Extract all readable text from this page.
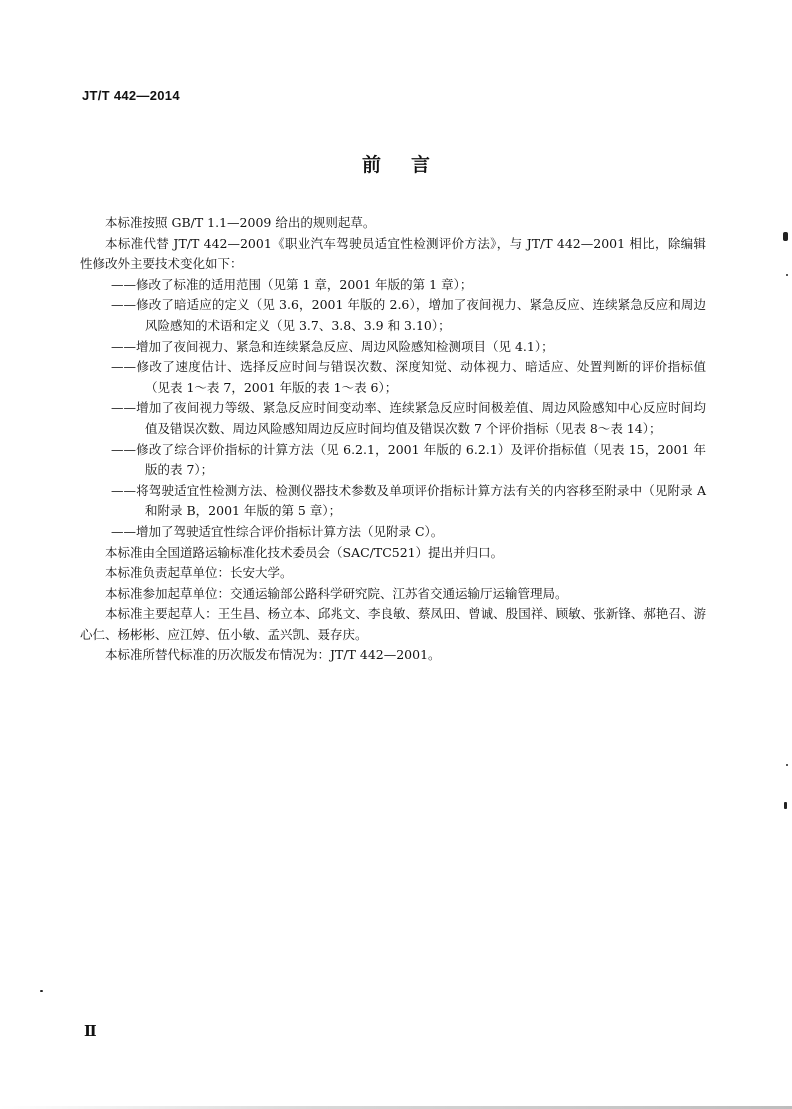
JT/T 442—2014
前言

本标准按照 GB/T 1.1—2009 给出的规则起草。

本标准代替 JT/T 442—2001《职业汽车驾驶员适宜性检测评价方法》，与 JT/T 442—2001 相比，除编辑性修改外主要技术变化如下：

——修改了标准的适用范围（见第 1 章，2001 年版的第 1 章）；

——修改了暗适应的定义（见 3.6，2001 年版的 2.6），增加了夜间视力、紧急反应、连续紧急反应和周边风险感知的术语和定义（见 3.7、3.8、3.9 和 3.10）；

——增加了夜间视力、紧急和连续紧急反应、周边风险感知检测项目（见 4.1）；

——修改了速度估计、选择反应时间与错误次数、深度知觉、动体视力、暗适应、处置判断的评价指标值（见表 1～表 7，2001 年版的表 1～表 6）；

——增加了夜间视力等级、紧急反应时间变动率、连续紧急反应时间极差值、周边风险感知中心反应时间均值及错误次数、周边风险感知周边反应时间均值及错误次数 7 个评价指标（见表 8～表 14）；

——修改了综合评价指标的计算方法（见 6.2.1，2001 年版的 6.2.1）及评价指标值（见表 15，2001 年版的表 7）；

——将驾驶适宜性检测方法、检测仪器技术参数及单项评价指标计算方法有关的内容移至附录中（见附录 A 和附录 B，2001 年版的第 5 章）；

——增加了驾驶适宜性综合评价指标计算方法（见附录 C）。

本标准由全国道路运输标准化技术委员会（SAC/TC521）提出并归口。

本标准负责起草单位：长安大学。

本标准参加起草单位：交通运输部公路科学研究院、江苏省交通运输厅运输管理局。

本标准主要起草人：王生昌、杨立本、邱兆文、李良敏、蔡凤田、曾诚、殷国祥、顾敏、张新锋、郝艳召、游心仁、杨彬彬、应江婷、伍小敏、孟兴凯、聂存庆。

本标准所替代标准的历次版发布情况为：JT/T 442—2001。

Ⅱ
